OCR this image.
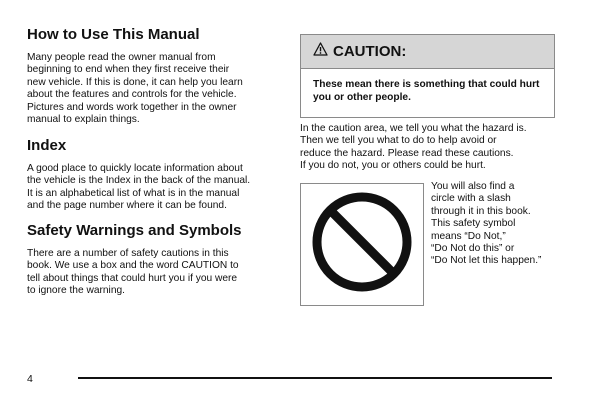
How to Use This Manual

Many people read the owner manual from
beginning to end when they first receive their
new vehicle. If this is done, it can help you learn
about the features and controls for the vehicle.
Pictures and words work together in the owner
manual to explain things.

Index

A good place to quickly locate information about
the vehicle is the Index in the back of the manual.
It is an alphabetical list of what is in the manual
and the page number where it can be found.

Safety Warnings and Symbols

There are a number of safety cautions in this
book. We use a box and the word CAUTION to
tell about things that could hurt you if you were
to ignore the warning.

CAUTION:
These mean there is something that could hurt you or other people.

In the caution area, we tell you what the hazard is.
Then we tell you what to do to help avoid or
reduce the hazard. Please read these cautions.
If you do not, you or others could be hurt.

You will also find a
circle with a slash
through it in this book.
This safety symbol
means “Do Not,”
“Do Not do this” or
“Do Not let this happen.”

4
